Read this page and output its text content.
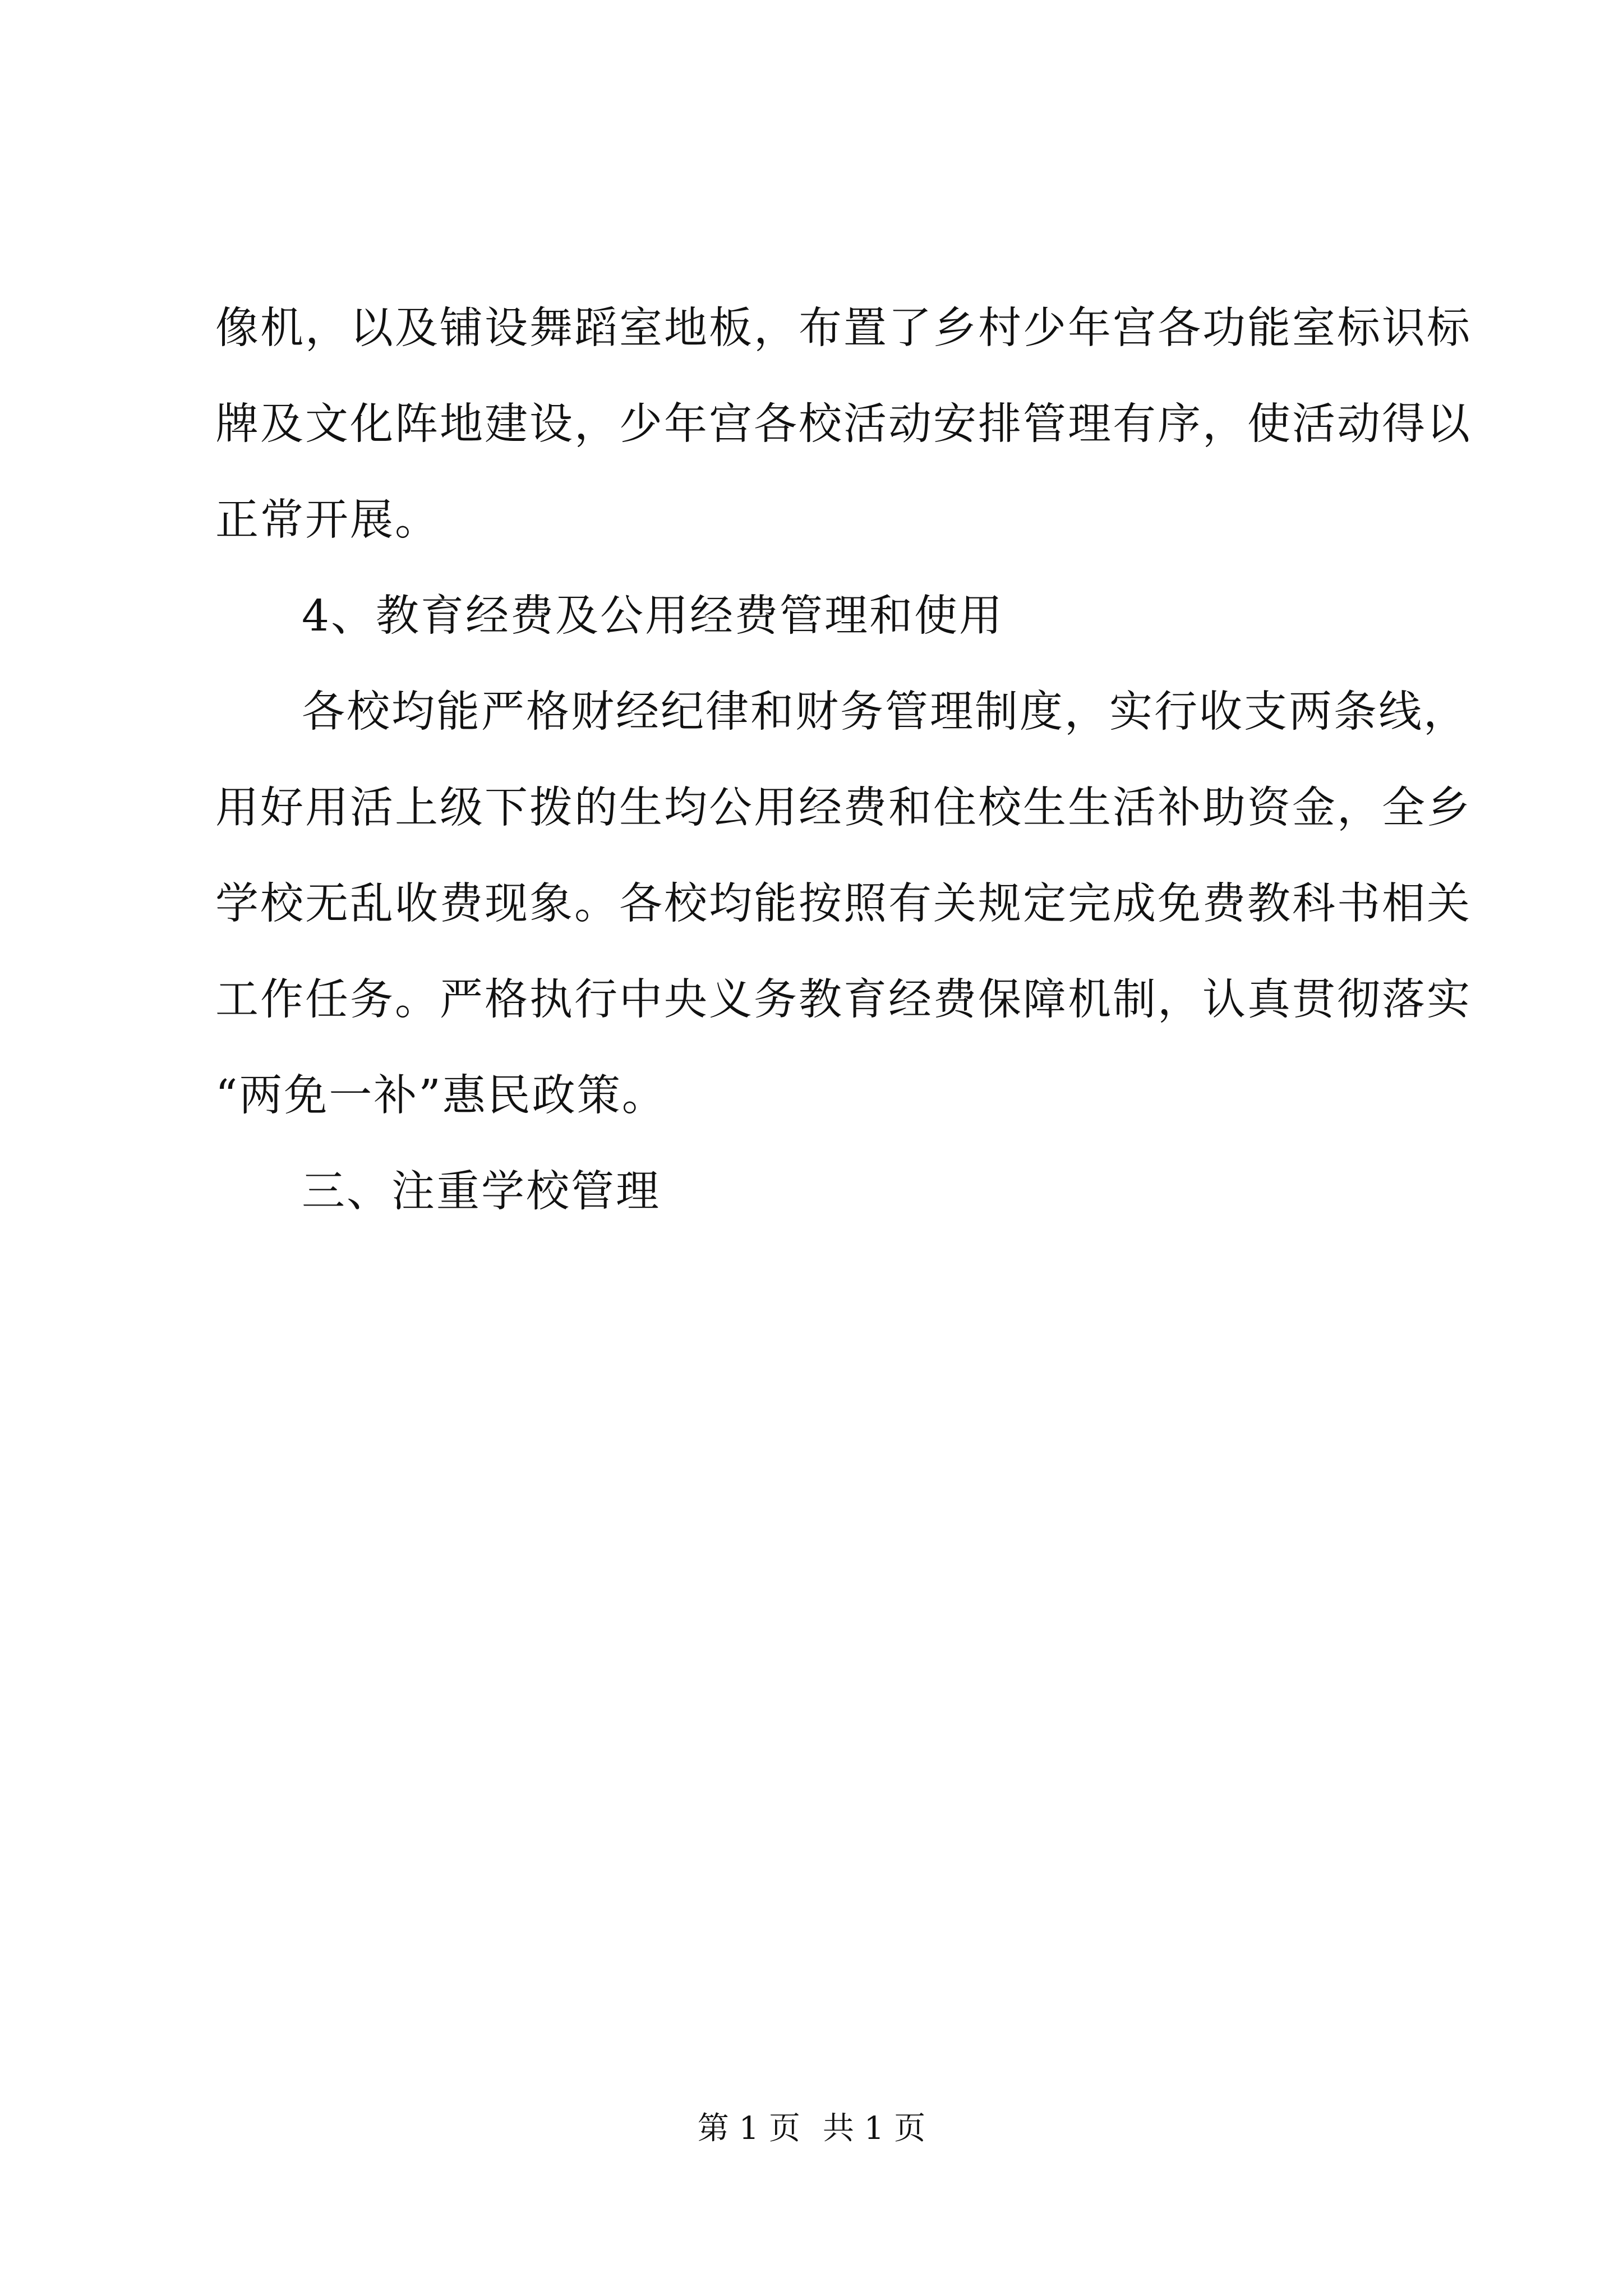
像机，以及铺设舞蹈室地板，布置了乡村少年宫各功能室标识标
牌及文化阵地建设，少年宫各校活动安排管理有序，使活动得以
正常开展。
4、教育经费及公用经费管理和使用
各校均能严格财经纪律和财务管理制度，实行收支两条线，
用好用活上级下拨的生均公用经费和住校生生活补助资金，全乡
学校无乱收费现象。各校均能按照有关规定完成免费教科书相关
工作任务。严格执行中央义务教育经费保障机制，认真贯彻落实
“两免一补”惠民政策。
三、注重学校管理
第 1 页 共 1 页
